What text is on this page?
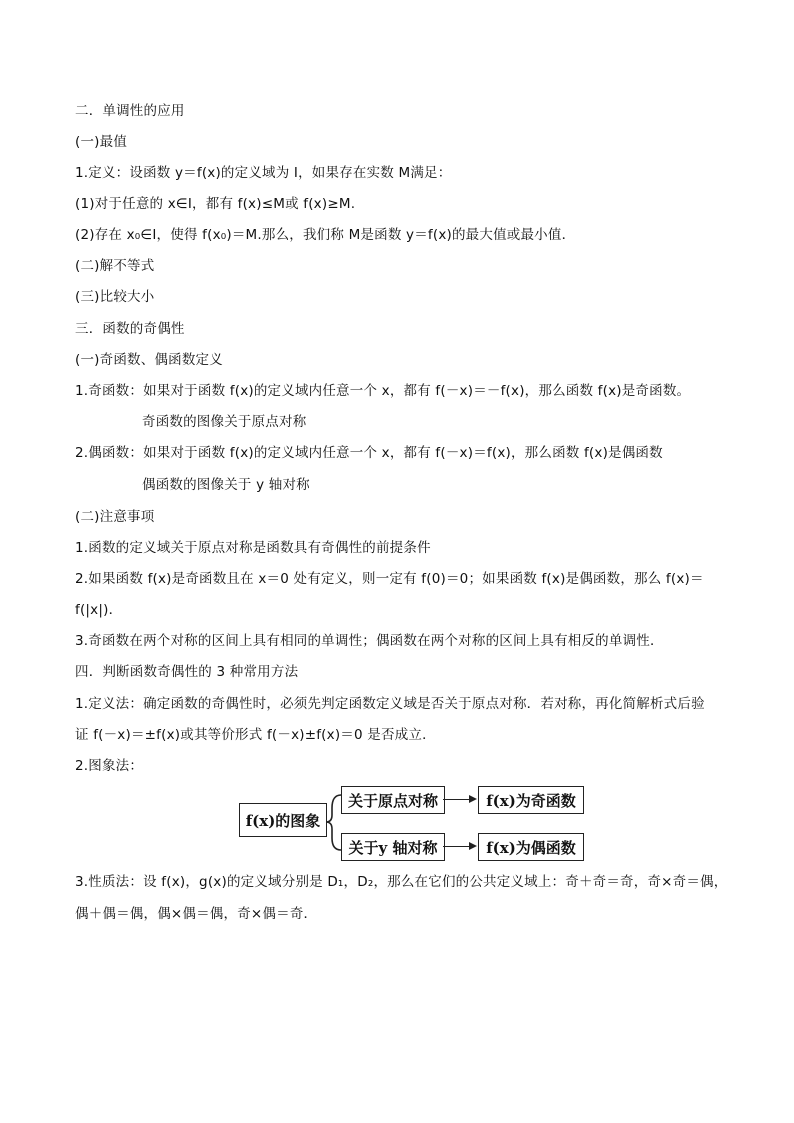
二．单调性的应用
(一)最值
1.定义：设函数 y＝f(x)的定义域为 I，如果存在实数 M满足：
(1)对于任意的 x∈I，都有 f(x)≤M或 f(x)≥M.
(2)存在 x₀∈I，使得 f(x₀)＝M.那么，我们称 M是函数 y＝f(x)的最大值或最小值．
(二)解不等式
(三)比较大小
三．函数的奇偶性
(一)奇函数、偶函数定义
1.奇函数：如果对于函数 f(x)的定义域内任意一个 x，都有 f(－x)＝－f(x)，那么函数 f(x)是奇函数。
奇函数的图像关于原点对称
2.偶函数：如果对于函数 f(x)的定义域内任意一个 x，都有 f(－x)＝f(x)，那么函数 f(x)是偶函数
偶函数的图像关于 y 轴对称
(二)注意事项
1.函数的定义域关于原点对称是函数具有奇偶性的前提条件
2.如果函数 f(x)是奇函数且在 x＝0 处有定义，则一定有 f(0)＝0；如果函数 f(x)是偶函数，那么 f(x)＝
f(|x|)．
3.奇函数在两个对称的区间上具有相同的单调性；偶函数在两个对称的区间上具有相反的单调性．
四．判断函数奇偶性的 3 种常用方法
1.定义法：确定函数的奇偶性时，必须先判定函数定义域是否关于原点对称．若对称，再化简解析式后验
证 f(－x)＝±f(x)或其等价形式 f(－x)±f(x)＝0 是否成立．
2.图象法：
f(x)的图象
关于原点对称
关于y 轴对称
f(x)为奇函数
f(x)为偶函数
3.性质法：设 f(x)，g(x)的定义域分别是 D₁，D₂，那么在它们的公共定义域上：奇＋奇＝奇，奇×奇＝偶，
偶＋偶＝偶，偶×偶＝偶，奇×偶＝奇．
